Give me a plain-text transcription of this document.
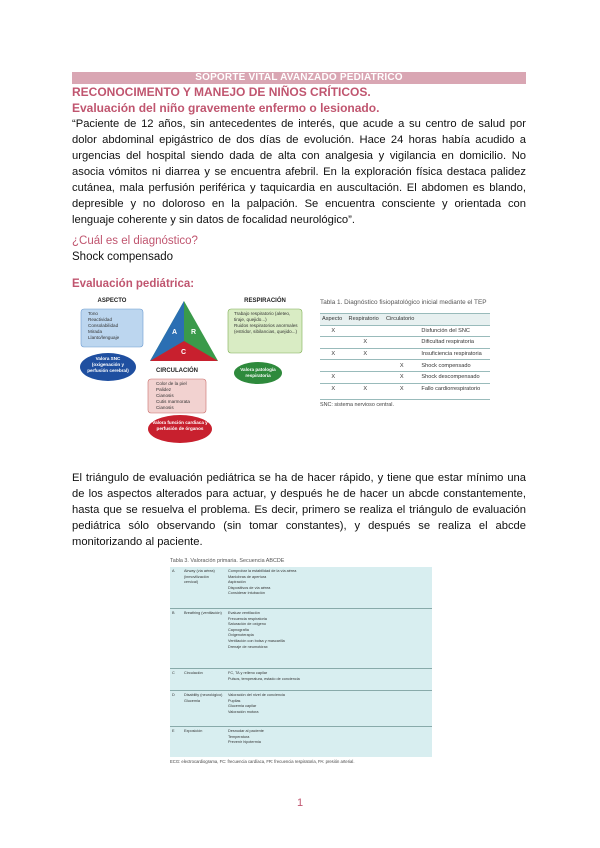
SOPORTE VITAL AVANZADO PEDIATRICO
RECONOCIMENTO Y MANEJO DE NIÑOS CRÍTICOS.
Evaluación del niño gravemente enfermo o lesionado.

“Paciente de 12 años, sin antecedentes de interés, que acude a su centro de salud por dolor abdominal epigástrico de dos días de evolución. Hace 24 horas había acudido a urgencias del hospital siendo dada de alta con analgesia y vigilancia en domicilio. No asocia vómitos ni diarrea y se encuentra afebril. En la exploración física destaca palidez cutánea, mala perfusión periférica y taquicardia en auscultación. El abdomen es blando, depresible y no doloroso en la palpación. Se encuentra consciente y orientada con lenguaje coherente y sin datos de focalidad neurológico”.

¿Cuál es el diagnóstico?
Shock compensado
Evaluación pediátrica:
ASPECTO
Tono
Reactividad
Consolabilidad
Mirada
Llanto/lenguaje
RESPIRACIÓN
Trabajo respiratorio (aleteo, tiraje, quejido...)
Ruidos respiratorios anormales (estridor, sibilancias, quejido...)
CIRCULACIÓN
Color de la piel
Palidez
Cianosis
Cutis marmorata
Cianosis
A R
C
Valora SNC (oxigenación y perfusión cerebral)	Valora patología respiratoria
Valora función cardiaca y perfusión de órganos
Tabla 1. Diagnóstico fisiopatológico inicial mediante el TEP
Aspecto	Respiratorio	Circulatorio	
X			Disfunción del SNC
	X		Dificultad respiratoria
X	X		Insuficiencia respiratoria
		X	Shock compensado
X		X	Shock descompensado
X	X	X	Fallo cardiorrespiratorio
SNC: sistema nervioso central.

El triángulo de evaluación pediátrica se ha de hacer rápido, y tiene que estar mínimo una de los aspectos alterados para actuar, y después he de hacer un abcde constantemente, hasta que se resuelva el problema. Es decir, primero se realiza el triángulo de evaluación pediátrica sólo observando (sin tomar constantes), y después se realiza el abcde monitorizando al paciente.

Tabla 3. Valoración primaria. Secuencia ABCDE
A	Airway (vía aérea) (inmovilización cervical)
Comprobar la estabilidad de la vía aérea
Maniobras de apertura
Aspiración
Dispositivos de vía aérea
Considerar intubación
B	Breathing (ventilación)	Evaluar ventilación
Frecuencia respiratoria
Saturación de oxígeno
Capnografía
Oxigenoterapia
Ventilación con bolsa y mascarilla
Drenaje de neumotórax
C	Circulación	FC, TA y relleno capilar
Pulsos, temperatura, estado de conciencia
D	Disability (neurológico) Glucemia
Valoración del nivel de conciencia
Pupilas
Glucemia capilar
Valoración motora
E	Exposición	Desnudar al paciente
Temperatura
Prevenir hipotermia
ECG: electrocardiograma, FC: frecuencia cardíaca, FR: frecuencia respiratoria, PA: presión arterial.
1
